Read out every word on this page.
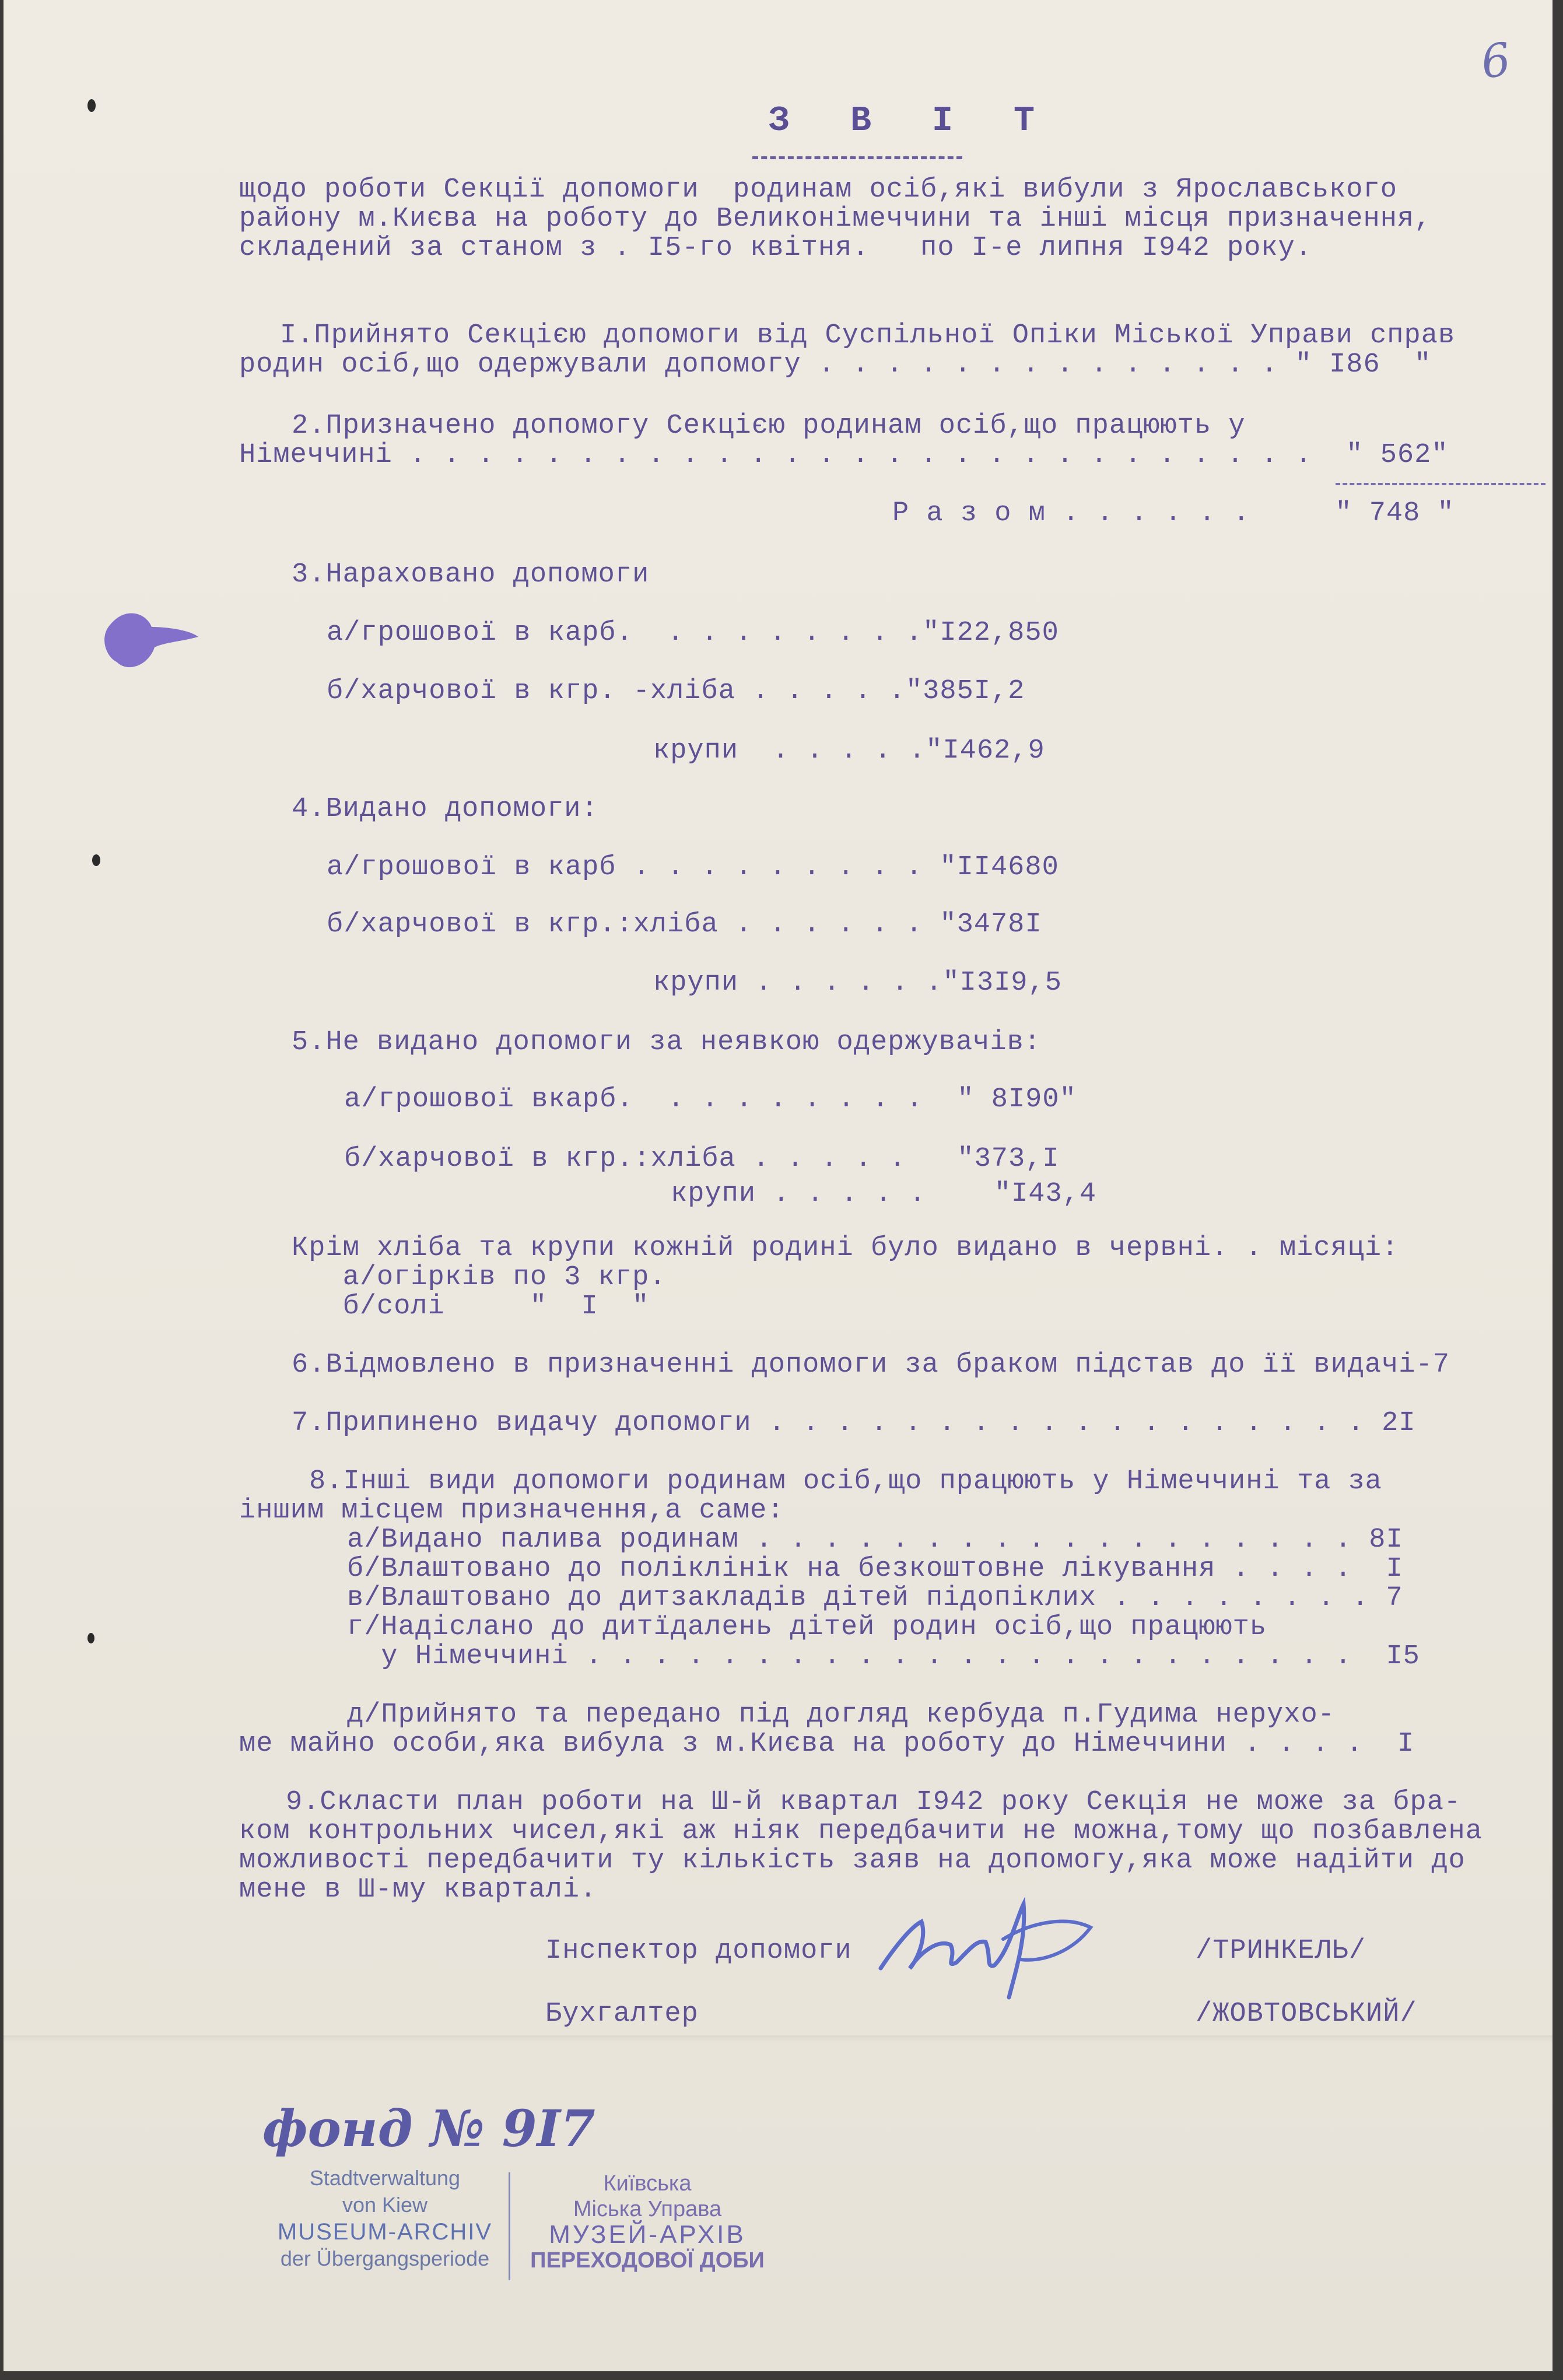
6
З В І Т
щодо роботи Секції допомоги  родинам осіб,які вибули з Ярославського
району м.Києва на роботу до Великонімеччини та інші місця призначення,
складений за станом з . I5-го квітня.   по I-е липня I942 року.
I.Прийнято Секцією допомоги від Суспільної Опіки Міської Управи справ
родин осіб,що одержували допомогу . . . . . . . . . . . . . . " I86  "
2.Призначено допомогу Секцією родинам осіб,що працюють у
Німеччині . . . . . . . . . . . . . . . . . . . . . . . . . . .  " 562"
Р а з о м . . . . . .     " 748 "
3.Нараховано допомоги
а/грошової в карб.  . . . . . . . ."I22,850
б/харчової в кгр. -хліба . . . . ."385I,2
крупи  . . . . ."I462,9
4.Видано допомоги:
а/грошової в карб . . . . . . . . . "II4680
б/харчової в кгр.:хліба . . . . . . "3478I
крупи . . . . . ."I3I9,5
5.Не видано допомоги за неявкою одержувачів:
а/грошової вкарб.  . . . . . . . .  " 8I90"
б/харчової в кгр.:хліба . . . . .   "373,I
крупи . . . . .    "I43,4
Крім хліба та крупи кожній родині було видано в червні. . місяці:
а/огірків по 3 кгр.
б/солі     "  I  "
6.Відмовлено в призначенні допомоги за браком підстав до її видачі-7
7.Припинено видачу допомоги . . . . . . . . . . . . . . . . . . 2I
8.Інші види допомоги родинам осіб,що працюють у Німеччині та за
іншим місцем призначення,а саме:
а/Видано палива родинам . . . . . . . . . . . . . . . . . . 8I
б/Влаштовано до поліклінік на безкоштовне лікування . . . .  I
в/Влаштовано до дитзакладів дітей підопіклих . . . . . . . . 7
г/Надіслано до дитїдалень дітей родин осіб,що працюють
у Німеччині . . . . . . . . . . . . . . . . . . . . . . .  I5
д/Прийнято та передано під догляд кербуда п.Гудима нерухо-
ме майно особи,яка вибула з м.Києва на роботу до Німеччини . . . .  I
9.Скласти план роботи на Ш-й квартал I942 року Секція не може за бра-
ком контрольних чисел,які аж ніяк передбачити не можна,тому що позбавлена
можливості передбачити ту кількість заяв на допомогу,яка може надійти до
мене в Ш-му кварталі.
Інспектор допомоги	/ТРИНКЕЛЬ/
Бухгалтер	/ЖОВТОВСЬКИЙ/
фонд № 9I7
Stadtverwaltung
von Kiew
MUSEUM-ARCHIV
der Übergangsperiode
Київська
Міська Управа
МУЗЕЙ-АРХІВ
ПЕРЕХОДОВОЇ ДОБИ
